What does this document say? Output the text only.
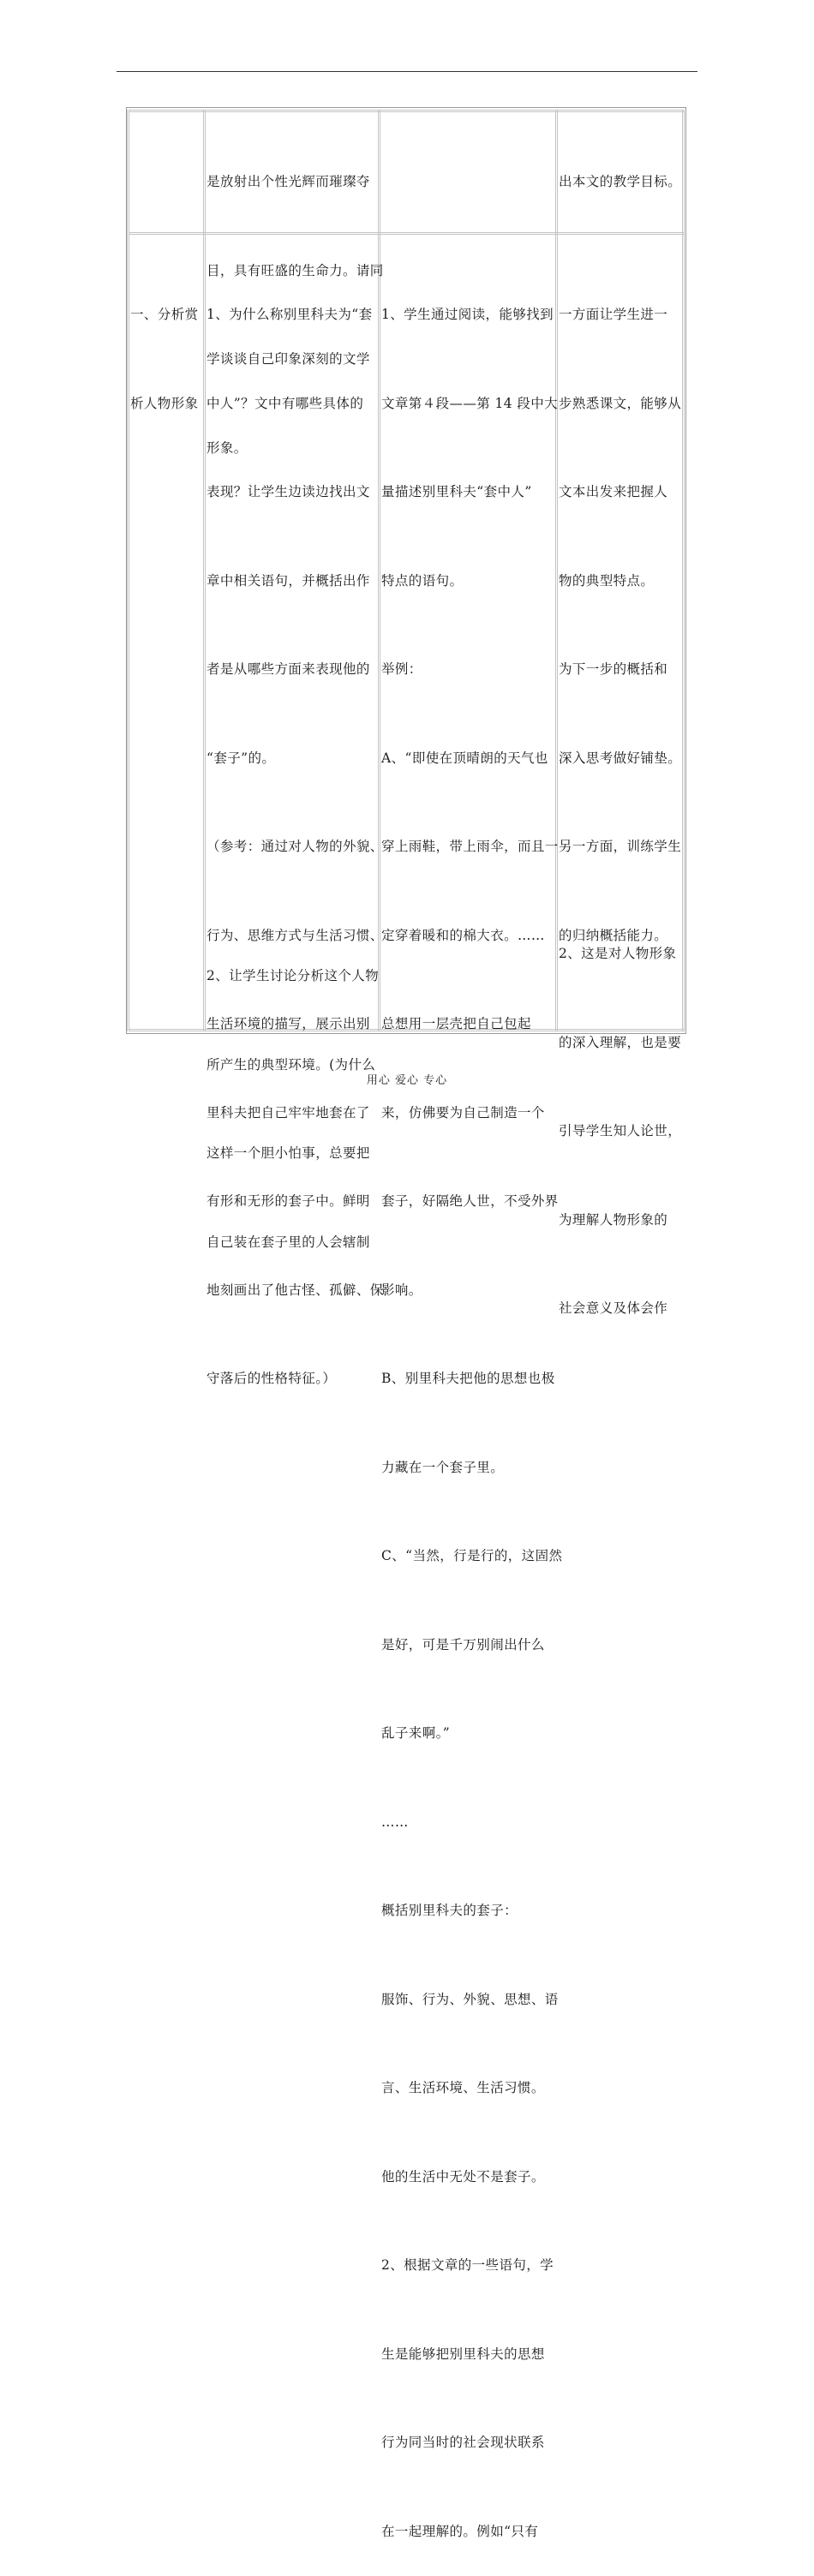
是放射出个性光辉而璀璨夺

目，具有旺盛的生命力。请同

学谈谈自己印象深刻的文学

形象。

出本文的教学目标。

一、分析赏

析人物形象

1、为什么称别里科夫为“套

中人”？文中有哪些具体的

表现？让学生边读边找出文

章中相关语句，并概括出作

者是从哪些方面来表现他的

“套子”的。

（参考：通过对人物的外貌、

行为、思维方式与生活习惯、

生活环境的描写，展示出别

里科夫把自己牢牢地套在了

有形和无形的套子中。鲜明

地刻画出了他古怪、孤僻、保

守落后的性格特征。）

2、让学生讨论分析这个人物

所产生的典型环境。(为什么

这样一个胆小怕事，总要把

自己装在套子里的人会辖制

1、学生通过阅读，能够找到

文章第４段——第 14 段中大

量描述别里科夫“套中人”

特点的语句。

举例：

A、“即使在顶晴朗的天气也

穿上雨鞋，带上雨伞，而且一

定穿着暖和的棉大衣。……

总想用一层壳把自己包起

来，仿佛要为自己制造一个

套子，好隔绝人世，不受外界

影响。

B、别里科夫把他的思想也极

力藏在一个套子里。

C、“当然，行是行的，这固然

是好，可是千万别闹出什么

乱子来啊。”

……

概括别里科夫的套子：

服饰、行为、外貌、思想、语

言、生活环境、生活习惯。

他的生活中无处不是套子。

2、根据文章的一些语句，学

生是能够把别里科夫的思想

行为同当时的社会现状联系

在一起理解的。例如“只有

一方面让学生进一

步熟悉课文，能够从

文本出发来把握人

物的典型特点。

为下一步的概括和

深入思考做好铺垫。

另一方面，训练学生

的归纳概括能力。

2、这是对人物形象

的深入理解，也是要

引导学生知人论世，

为理解人物形象的

社会意义及体会作

用心 爱心 专心
